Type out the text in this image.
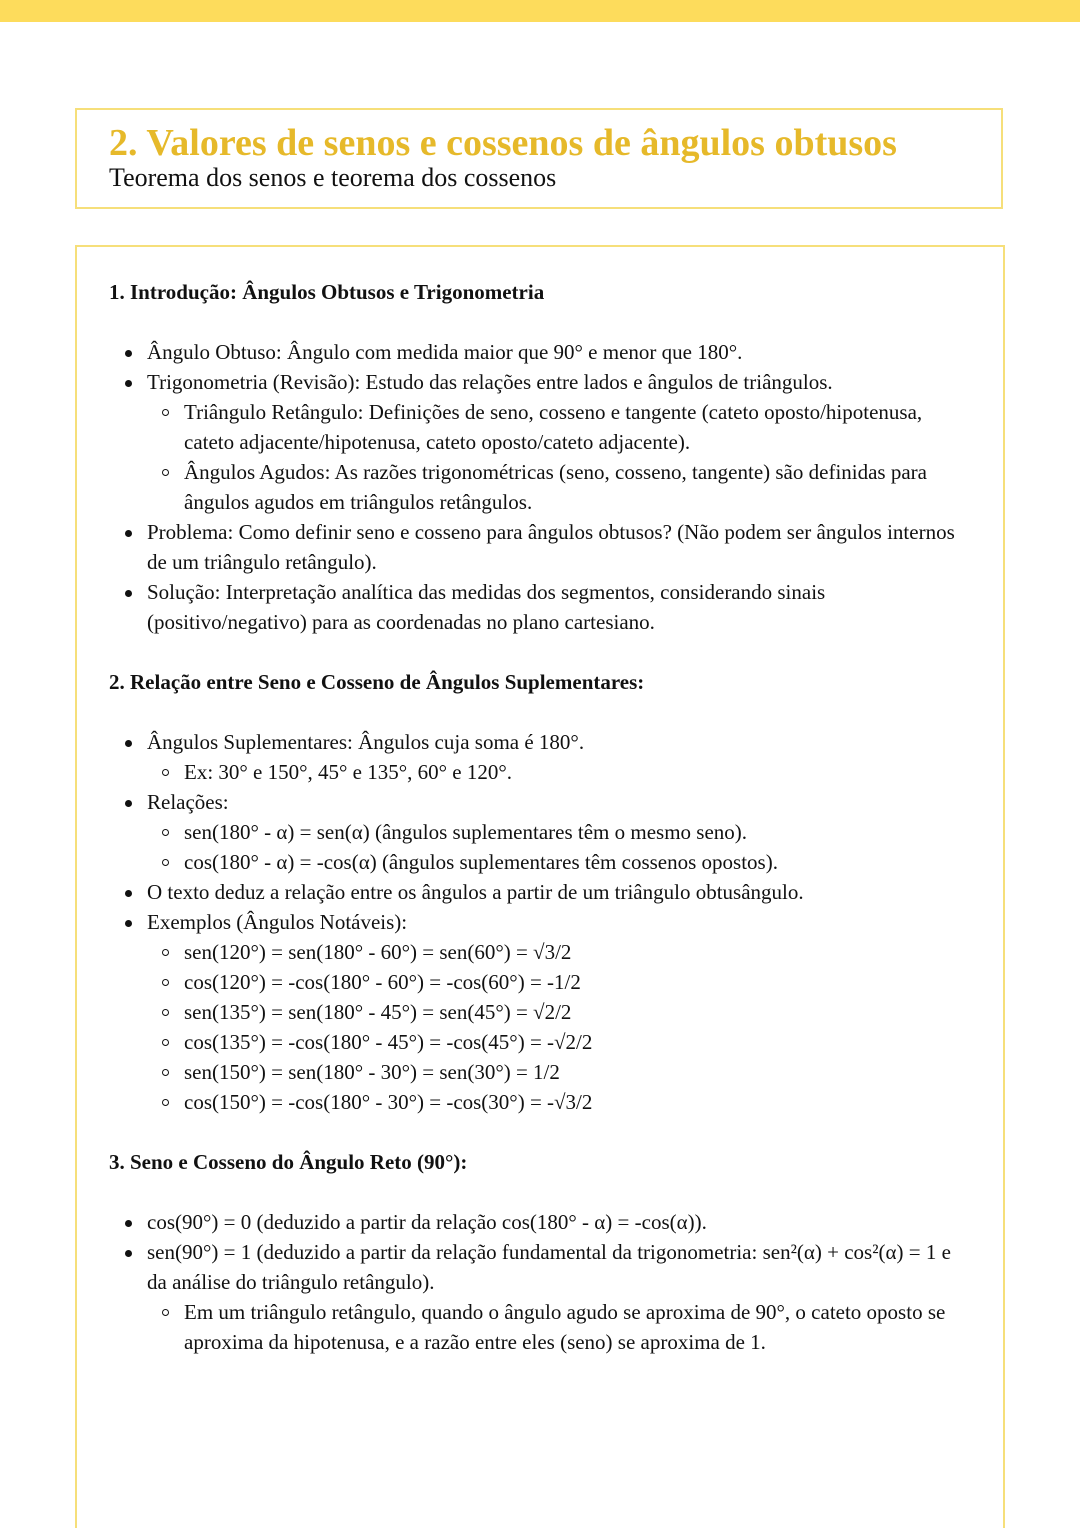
2. Valores de senos e cossenos de ângulos obtusos

Teorema dos senos e teorema dos cossenos

1. Introdução: Ângulos Obtusos e Trigonometria
Ângulo Obtuso: Ângulo com medida maior que 90° e menor que 180°.
Trigonometria (Revisão): Estudo das relações entre lados e ângulos de triângulos.
Triângulo Retângulo: Definições de seno, cosseno e tangente (cateto oposto/hipotenusa, cateto adjacente/hipotenusa, cateto oposto/cateto adjacente).
Ângulos Agudos: As razões trigonométricas (seno, cosseno, tangente) são definidas para ângulos agudos em triângulos retângulos.
Problema: Como definir seno e cosseno para ângulos obtusos? (Não podem ser ângulos internos de um triângulo retângulo).
Solução: Interpretação analítica das medidas dos segmentos, considerando sinais (positivo/negativo) para as coordenadas no plano cartesiano.
2. Relação entre Seno e Cosseno de Ângulos Suplementares:
Ângulos Suplementares: Ângulos cuja soma é 180°.
Ex: 30° e 150°, 45° e 135°, 60° e 120°.
Relações:
sen(180° - α) = sen(α) (ângulos suplementares têm o mesmo seno).
cos(180° - α) = -cos(α) (ângulos suplementares têm cossenos opostos).
O texto deduz a relação entre os ângulos a partir de um triângulo obtusângulo.
Exemplos (Ângulos Notáveis):
sen(120°) = sen(180° - 60°) = sen(60°) = √3/2
cos(120°) = -cos(180° - 60°) = -cos(60°) = -1/2
sen(135°) = sen(180° - 45°) = sen(45°) = √2/2
cos(135°) = -cos(180° - 45°) = -cos(45°) = -√2/2
sen(150°) = sen(180° - 30°) = sen(30°) = 1/2
cos(150°) = -cos(180° - 30°) = -cos(30°) = -√3/2
3. Seno e Cosseno do Ângulo Reto (90°):
cos(90°) = 0 (deduzido a partir da relação cos(180° - α) = -cos(α)).
sen(90°) = 1 (deduzido a partir da relação fundamental da trigonometria: sen²(α) + cos²(α) = 1 e da análise do triângulo retângulo).
Em um triângulo retângulo, quando o ângulo agudo se aproxima de 90°, o cateto oposto se aproxima da hipotenusa, e a razão entre eles (seno) se aproxima de 1.
